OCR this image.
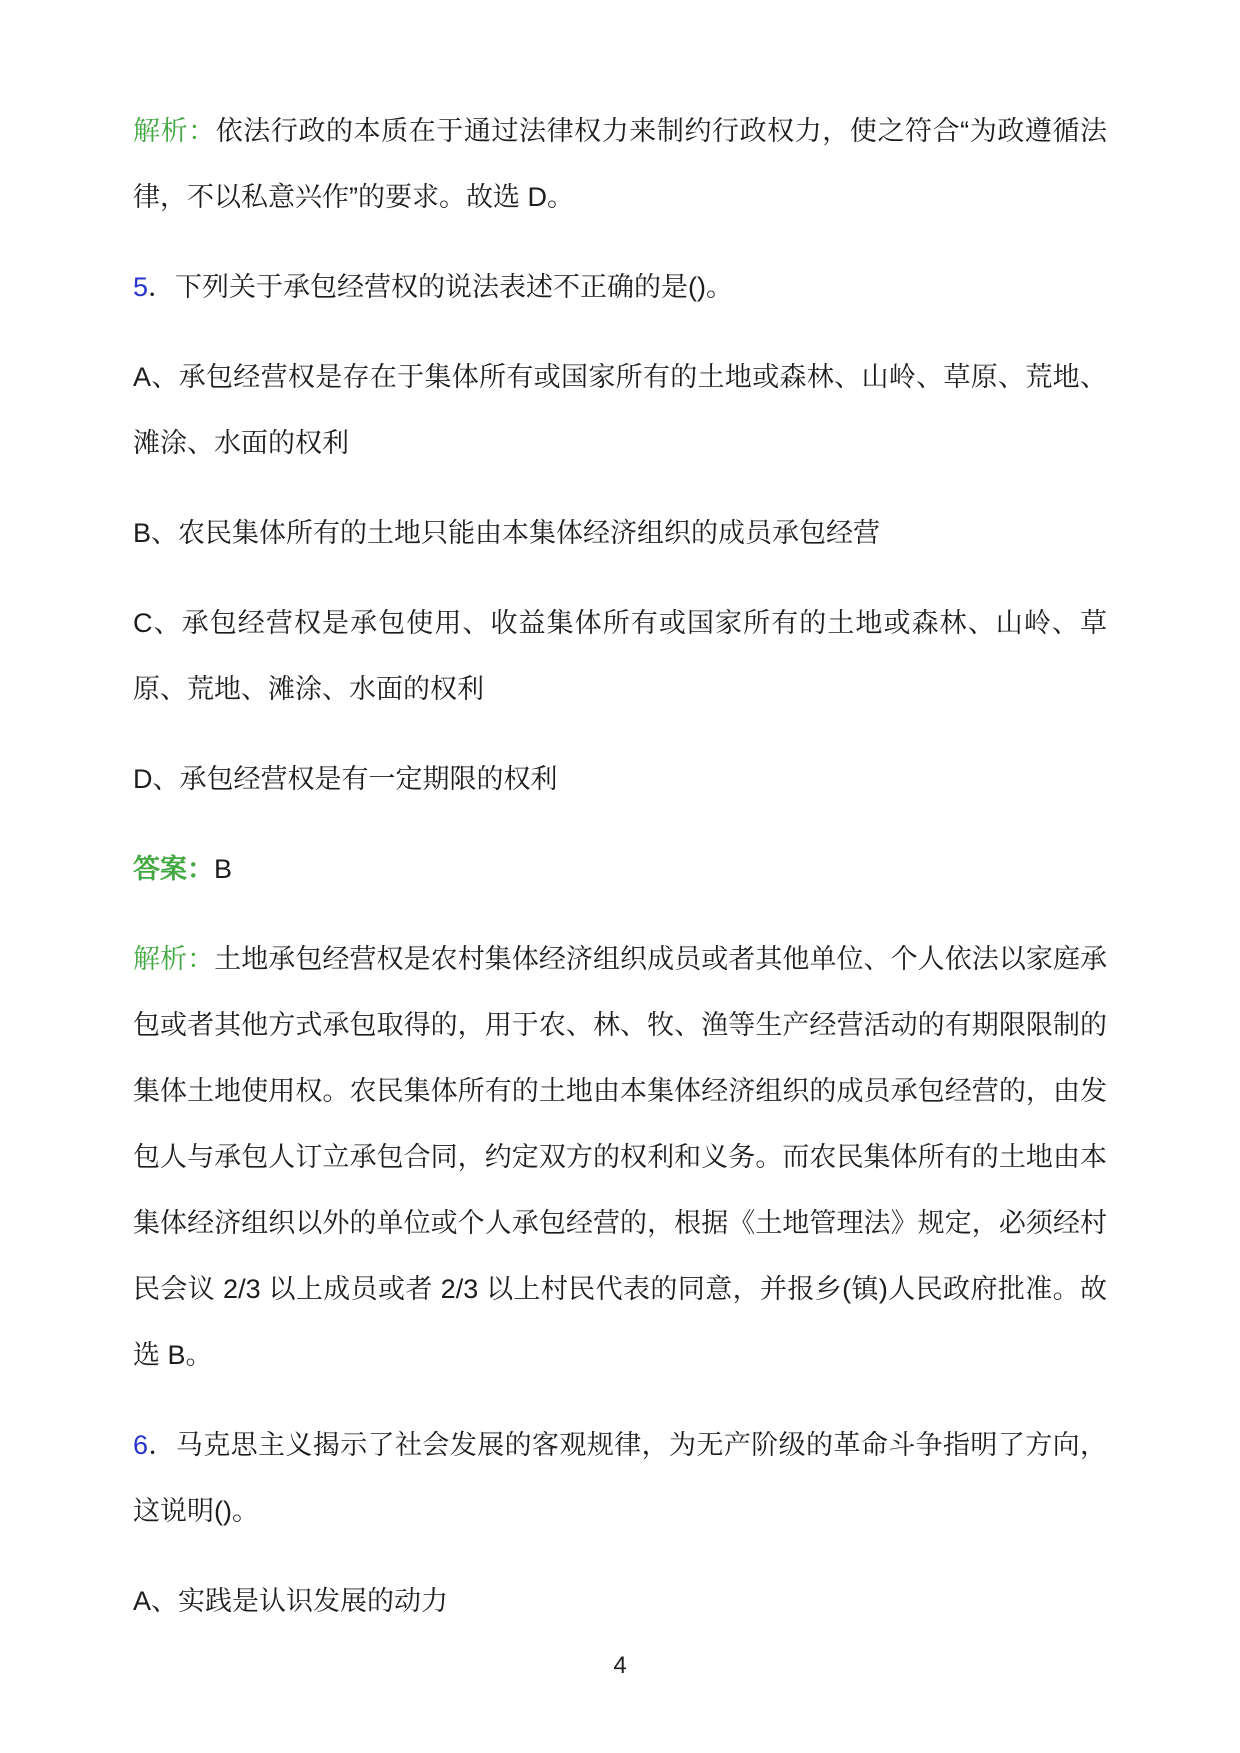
解析：依法行政的本质在于通过法律权力来制约行政权力，使之符合“为政遵循法律，不以私意兴作”的要求。故选 D。

5．下列关于承包经营权的说法表述不正确的是()。

A、承包经营权是存在于集体所有或国家所有的土地或森林、山岭、草原、荒地、滩涂、水面的权利

B、农民集体所有的土地只能由本集体经济组织的成员承包经营

C、承包经营权是承包使用、收益集体所有或国家所有的土地或森林、山岭、草原、荒地、滩涂、水面的权利

D、承包经营权是有一定期限的权利

答案：B

解析：土地承包经营权是农村集体经济组织成员或者其他单位、个人依法以家庭承包或者其他方式承包取得的，用于农、林、牧、渔等生产经营活动的有期限限制的集体土地使用权。农民集体所有的土地由本集体经济组织的成员承包经营的，由发包人与承包人订立承包合同，约定双方的权利和义务。而农民集体所有的土地由本集体经济组织以外的单位或个人承包经营的，根据《土地管理法》规定，必须经村民会议 2/3 以上成员或者 2/3 以上村民代表的同意，并报乡(镇)人民政府批准。故选 B。

6．马克思主义揭示了社会发展的客观规律，为无产阶级的革命斗争指明了方向，这说明()。

A、实践是认识发展的动力

4
